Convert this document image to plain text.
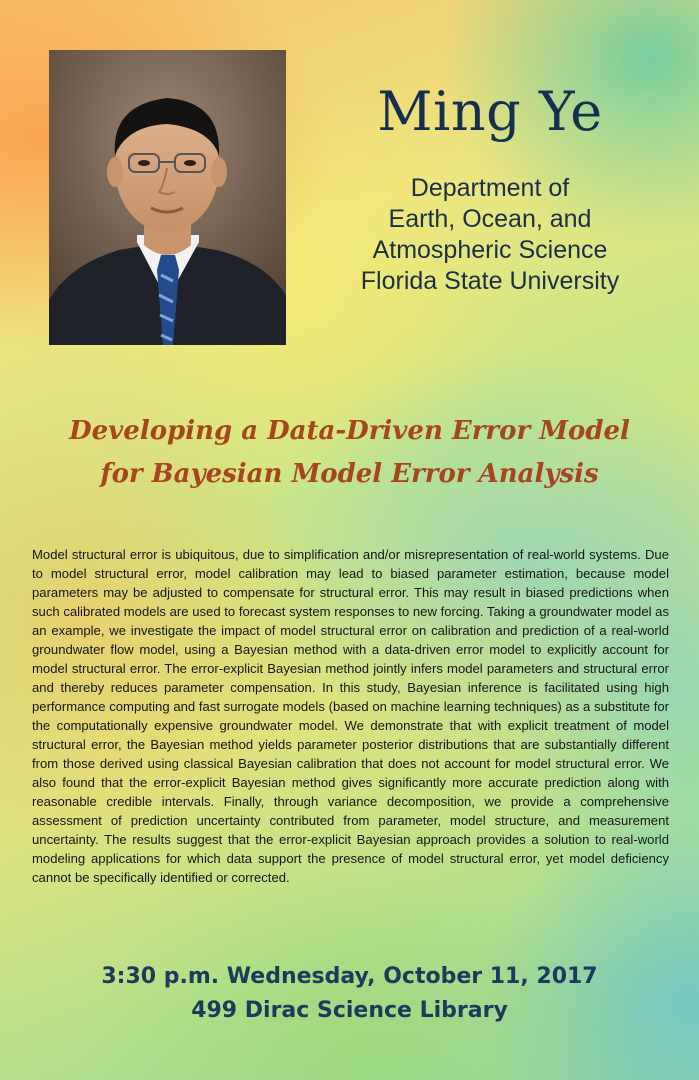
Ming Ye
Department of
Earth, Ocean, and
Atmospheric Science
Florida State University
Developing a Data-Driven Error Model
for Bayesian Model Error Analysis
Model structural error is ubiquitous, due to simplification and/or misrepresentation of real-world systems. Due to model structural error, model calibration may lead to biased parameter estimation, because model parameters may be adjusted to compensate for structural error. This may result in biased predictions when such calibrated models are used to forecast system responses to new forcing. Taking a groundwater model as an example, we investigate the impact of model structural error on calibration and prediction of a real-world groundwater flow model, using a Bayesian method with a data-driven error model to explicitly account for model structural error. The error-explicit Bayesian method jointly infers model parameters and structural error and thereby reduces parameter compensation. In this study, Bayesian inference is facilitated using high performance computing and fast surrogate models (based on machine learning techniques) as a substitute for the computationally expensive groundwater model. We demonstrate that with explicit treatment of model structural error, the Bayesian method yields parameter posterior distributions that are substantially different from those derived using classical Bayesian calibration that does not account for model structural error. We also found that the error-explicit Bayesian method gives significantly more accurate prediction along with reasonable credible intervals. Finally, through variance decomposition, we provide a comprehensive assessment of prediction uncertainty contributed from parameter, model structure, and measurement uncertainty. The results suggest that the error-explicit Bayesian approach provides a solution to real-world modeling applications for which data support the presence of model structural error, yet model deficiency cannot be specifically identified or corrected.
3:30 p.m. Wednesday, October 11, 2017
499 Dirac Science Library
